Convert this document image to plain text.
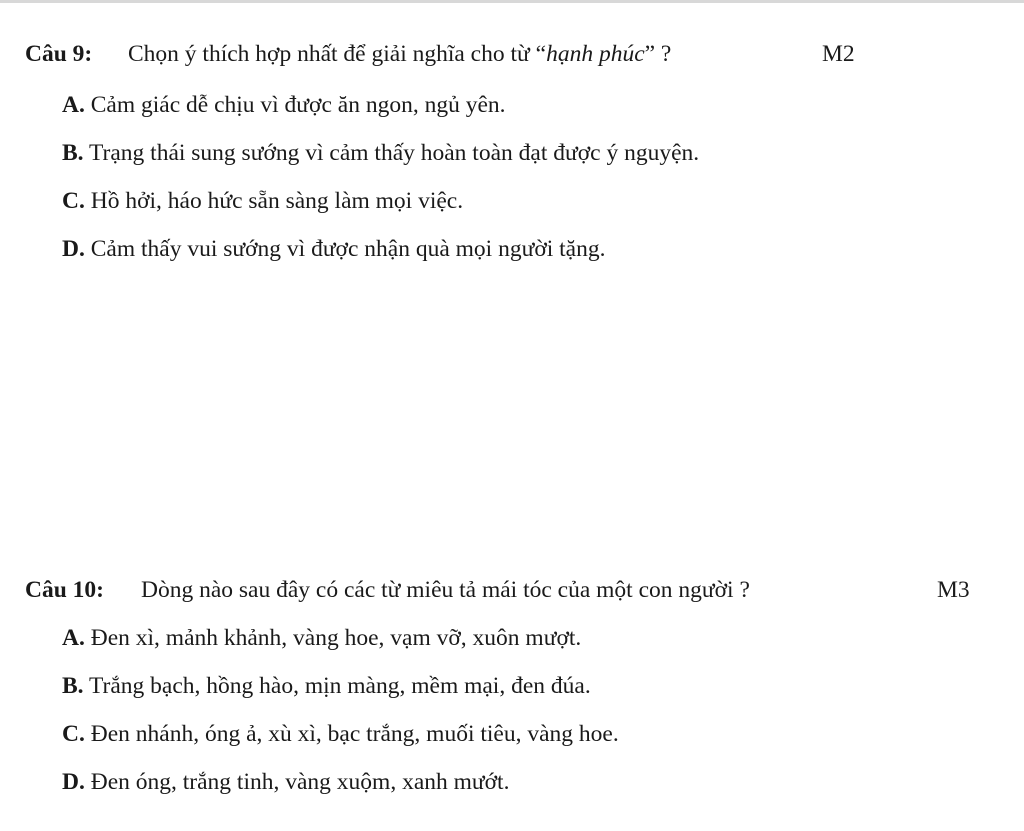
Câu 9: Chọn ý thích hợp nhất để giải nghĩa cho từ “hạnh phúc” ?	M2
A. Cảm giác dễ chịu vì được ăn ngon, ngủ yên.
B. Trạng thái sung sướng vì cảm thấy hoàn toàn đạt được ý nguyện.
C. Hồ hởi, háo hức sẵn sàng làm mọi việc.
D. Cảm thấy vui sướng vì được nhận quà mọi người tặng.
Câu 10: Dòng nào sau đây có các từ miêu tả mái tóc của một con người ?	M3
A. Đen xì, mảnh khảnh, vàng hoe, vạm vỡ, xuôn mượt.
B. Trắng bạch, hồng hào, mịn màng, mềm mại, đen đúa.
C. Đen nhánh, óng ả, xù xì, bạc trắng, muối tiêu, vàng hoe.
D. Đen óng, trắng tinh, vàng xuộm, xanh mướt.
